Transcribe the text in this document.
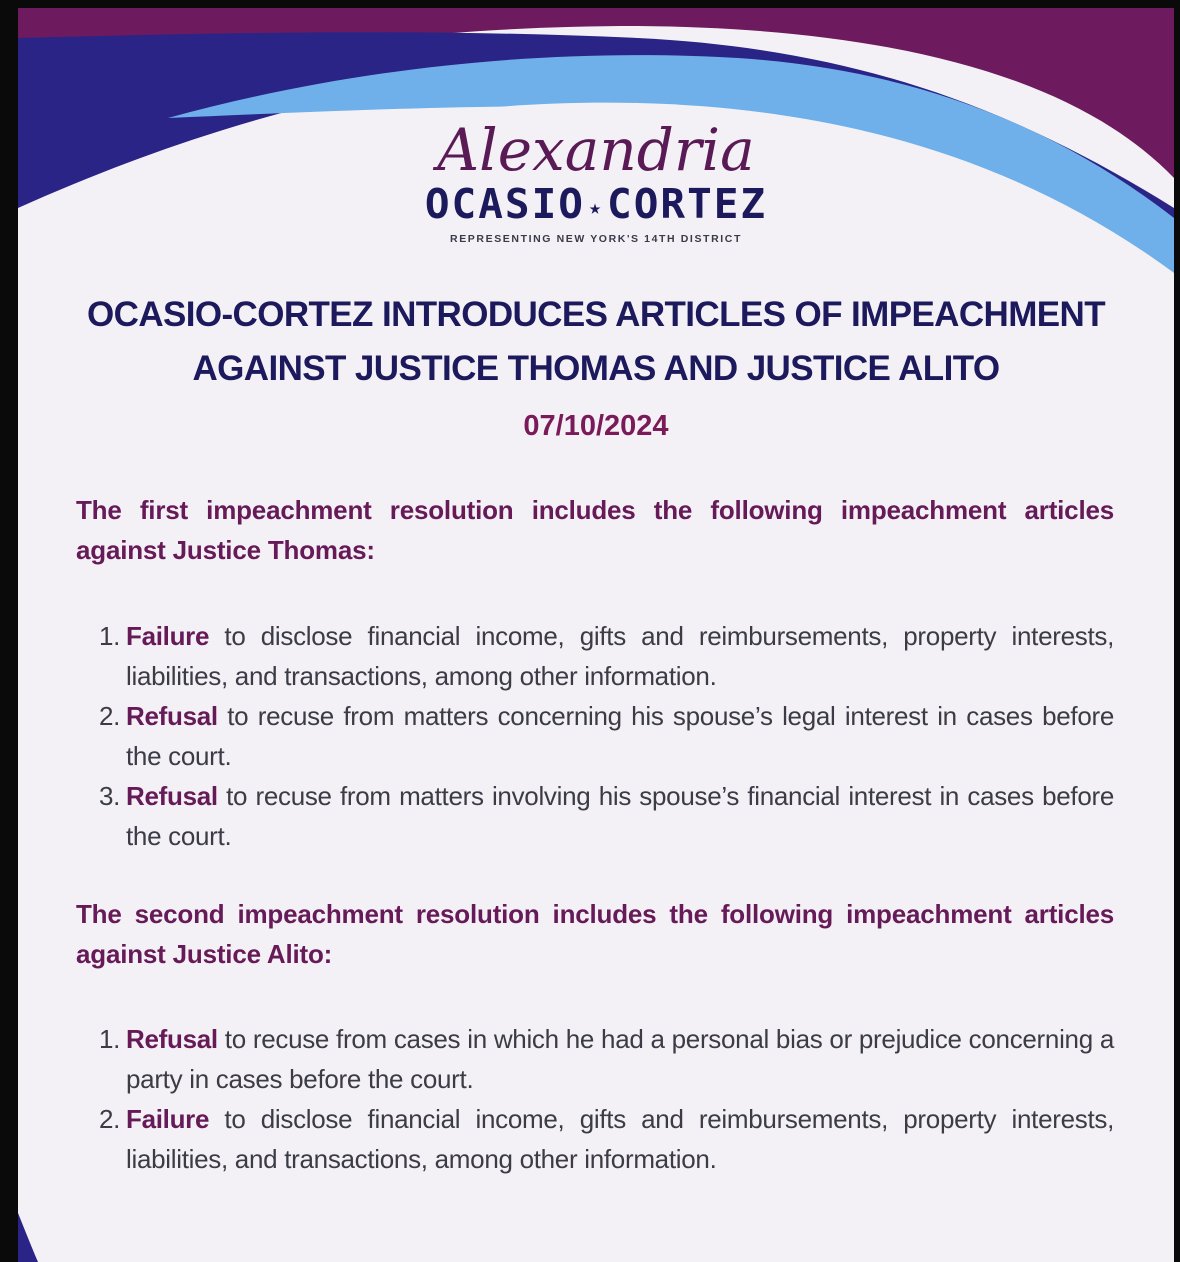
Alexandria
OCASIO ★CORTEZ
REPRESENTING NEW YORK'S 14TH DISTRICT
OCASIO-CORTEZ INTRODUCES ARTICLES OF IMPEACHMENT
AGAINST JUSTICE THOMAS AND JUSTICE ALITO
07/10/2024
The first impeachment resolution includes the following impeachment articles against Justice Thomas:
1. Failure to disclose financial income, gifts and reimbursements, property interests, liabilities, and transactions, among other information.
2. Refusal to recuse from matters concerning his spouse’s legal interest in cases before the court.
3. Refusal to recuse from matters involving his spouse’s financial interest in cases before the court.
The second impeachment resolution includes the following impeachment articles against Justice Alito:
1. Refusal to recuse from cases in which he had a personal bias or prejudice concerning a party in cases before the court.
2. Failure to disclose financial income, gifts and reimbursements, property interests, liabilities, and transactions, among other information.
